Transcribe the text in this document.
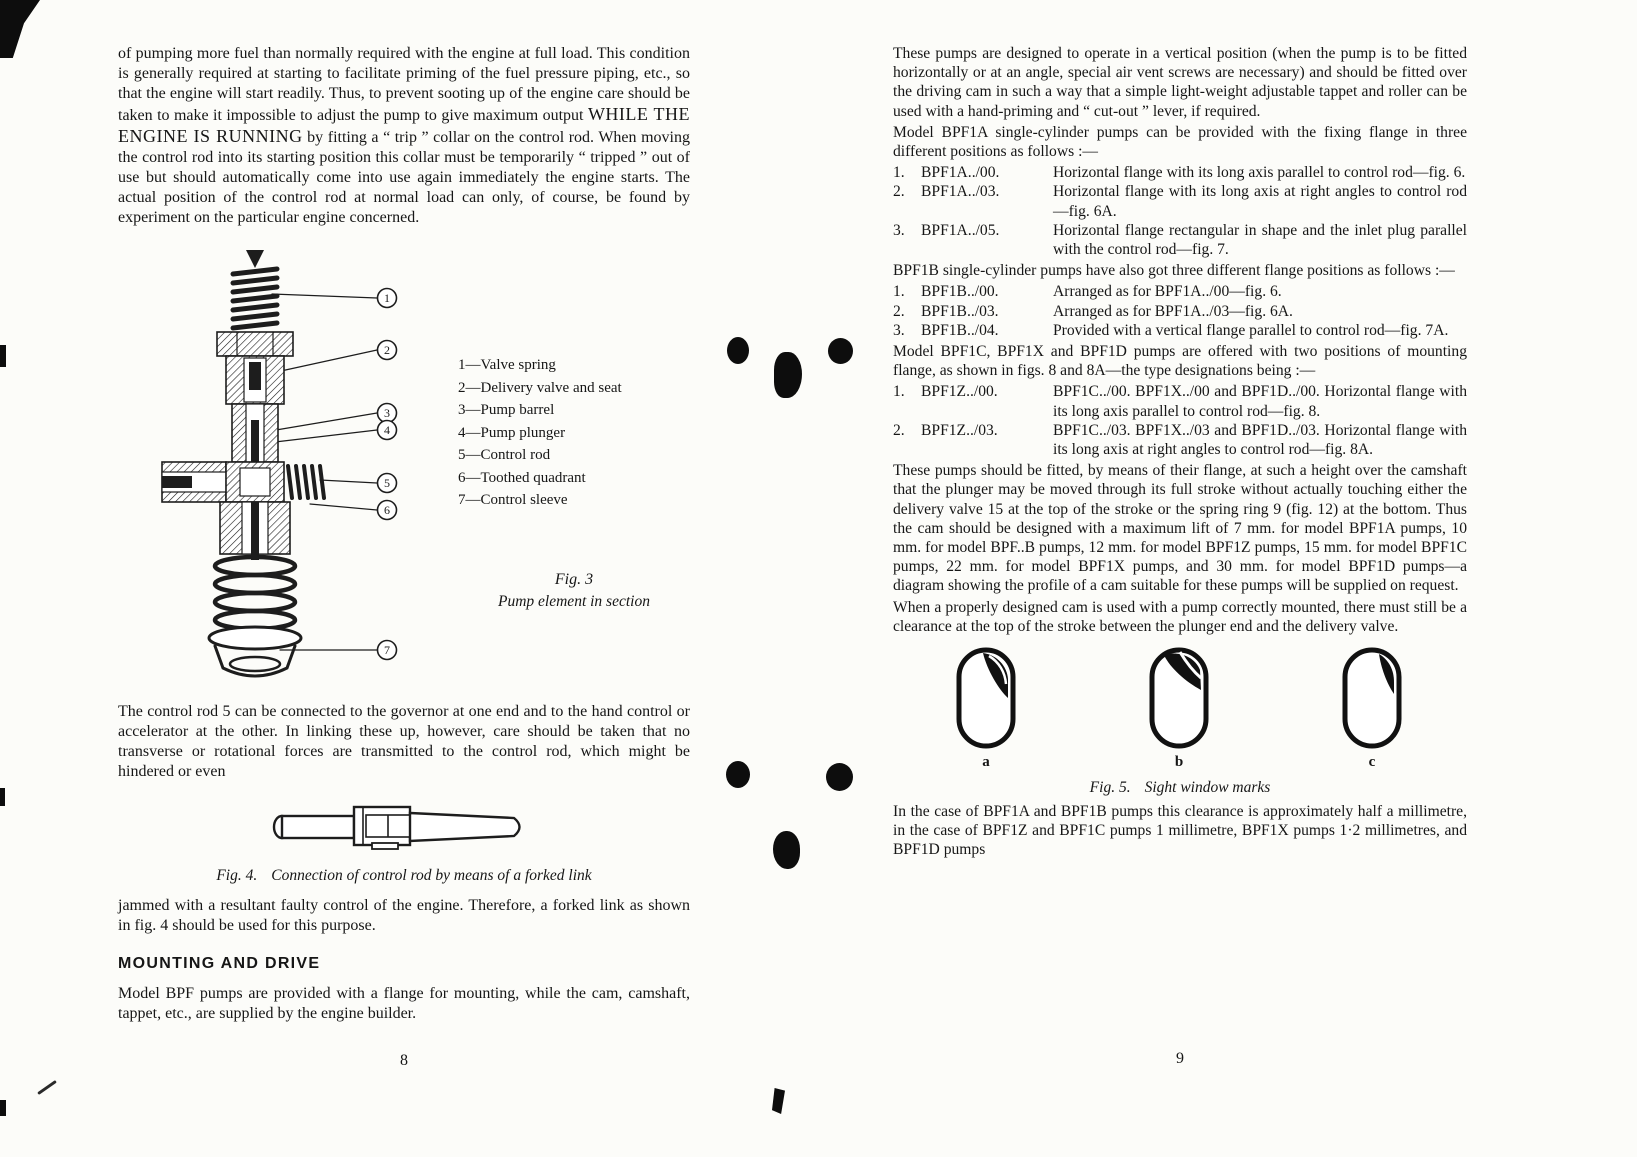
of pumping more fuel than normally required with the engine at full load. This condition is generally required at starting to facilitate priming of the fuel pressure piping, etc., so that the engine will start readily. Thus, to prevent sooting up of the engine care should be taken to make it impossible to adjust the pump to give maximum output WHILE THE ENGINE IS RUNNING by fitting a “ trip ” collar on the control rod. When moving the control rod into its starting position this collar must be temporarily “ tripped ” out of use but should automatically come into use again immediately the engine starts. The actual position of the control rod at normal load can only, of course, be found by experiment on the particular engine concerned.

1
2
3
4
5
6
7
1—Valve spring
2—Delivery valve and seat
3—Pump barrel
4—Pump plunger
5—Control rod
6—Toothed quadrant
7—Control sleeve
Fig. 3
Pump element in section

The control rod 5 can be connected to the governor at one end and to the hand control or accelerator at the other. In linking these up, however, care should be taken that no transverse or rotational forces are transmitted to the control rod, which might be hindered or even

Fig. 4. Connection of control rod by means of a forked link

jammed with a resultant faulty control of the engine. Therefore, a forked link as shown in fig. 4 should be used for this purpose.

MOUNTING AND DRIVE

Model BPF pumps are provided with a flange for mounting, while the cam, camshaft, tappet, etc., are supplied by the engine builder.

8

These pumps are designed to operate in a vertical position (when the pump is to be fitted horizontally or at an angle, special air vent screws are necessary) and should be fitted over the driving cam in such a way that a simple light-weight adjustable tappet and roller can be used with a hand-priming and “ cut-out ” lever, if required.

Model BPF1A single-cylinder pumps can be provided with the fixing flange in three different positions as follows :—

1.	BPF1A../00.	Horizontal flange with its long axis parallel to control rod—fig. 6.
2.	BPF1A../03.	Horizontal flange with its long axis at right angles to control rod—fig. 6A.
3.	BPF1A../05.	Horizontal flange rectangular in shape and the inlet plug parallel with the control rod—fig. 7.

BPF1B single-cylinder pumps have also got three different flange positions as follows :—

1.	BPF1B../00.	Arranged as for BPF1A../00—fig. 6.
2.	BPF1B../03.	Arranged as for BPF1A../03—fig. 6A.
3.	BPF1B../04.	Provided with a vertical flange parallel to control rod—fig. 7A.

Model BPF1C, BPF1X and BPF1D pumps are offered with two positions of mounting flange, as shown in figs. 8 and 8A—the type designations being :—

1.	BPF1Z../00.	BPF1C../00. BPF1X../00 and BPF1D../00. Horizontal flange with its long axis parallel to control rod—fig. 8.
2.	BPF1Z../03.	BPF1C../03. BPF1X../03 and BPF1D../03. Horizontal flange with its long axis at right angles to control rod—fig. 8A.

These pumps should be fitted, by means of their flange, at such a height over the camshaft that the plunger may be moved through its full stroke without actually touching either the delivery valve 15 at the top of the stroke or the spring ring 9 (fig. 12) at the bottom. Thus the cam should be designed with a maximum lift of 7 mm. for model BPF1A pumps, 10 mm. for model BPF..B pumps, 12 mm. for model BPF1Z pumps, 15 mm. for model BPF1C pumps, 22 mm. for model BPF1X pumps, and 30 mm. for model BPF1D pumps—a diagram showing the profile of a cam suitable for these pumps will be supplied on request.

When a properly designed cam is used with a pump correctly mounted, there must still be a clearance at the top of the stroke between the plunger end and the delivery valve.

a	b	c
Fig. 5. Sight window marks

In the case of BPF1A and BPF1B pumps this clearance is approximately half a millimetre, in the case of BPF1Z and BPF1C pumps 1 millimetre, BPF1X pumps 1·2 millimetres, and BPF1D pumps

9
